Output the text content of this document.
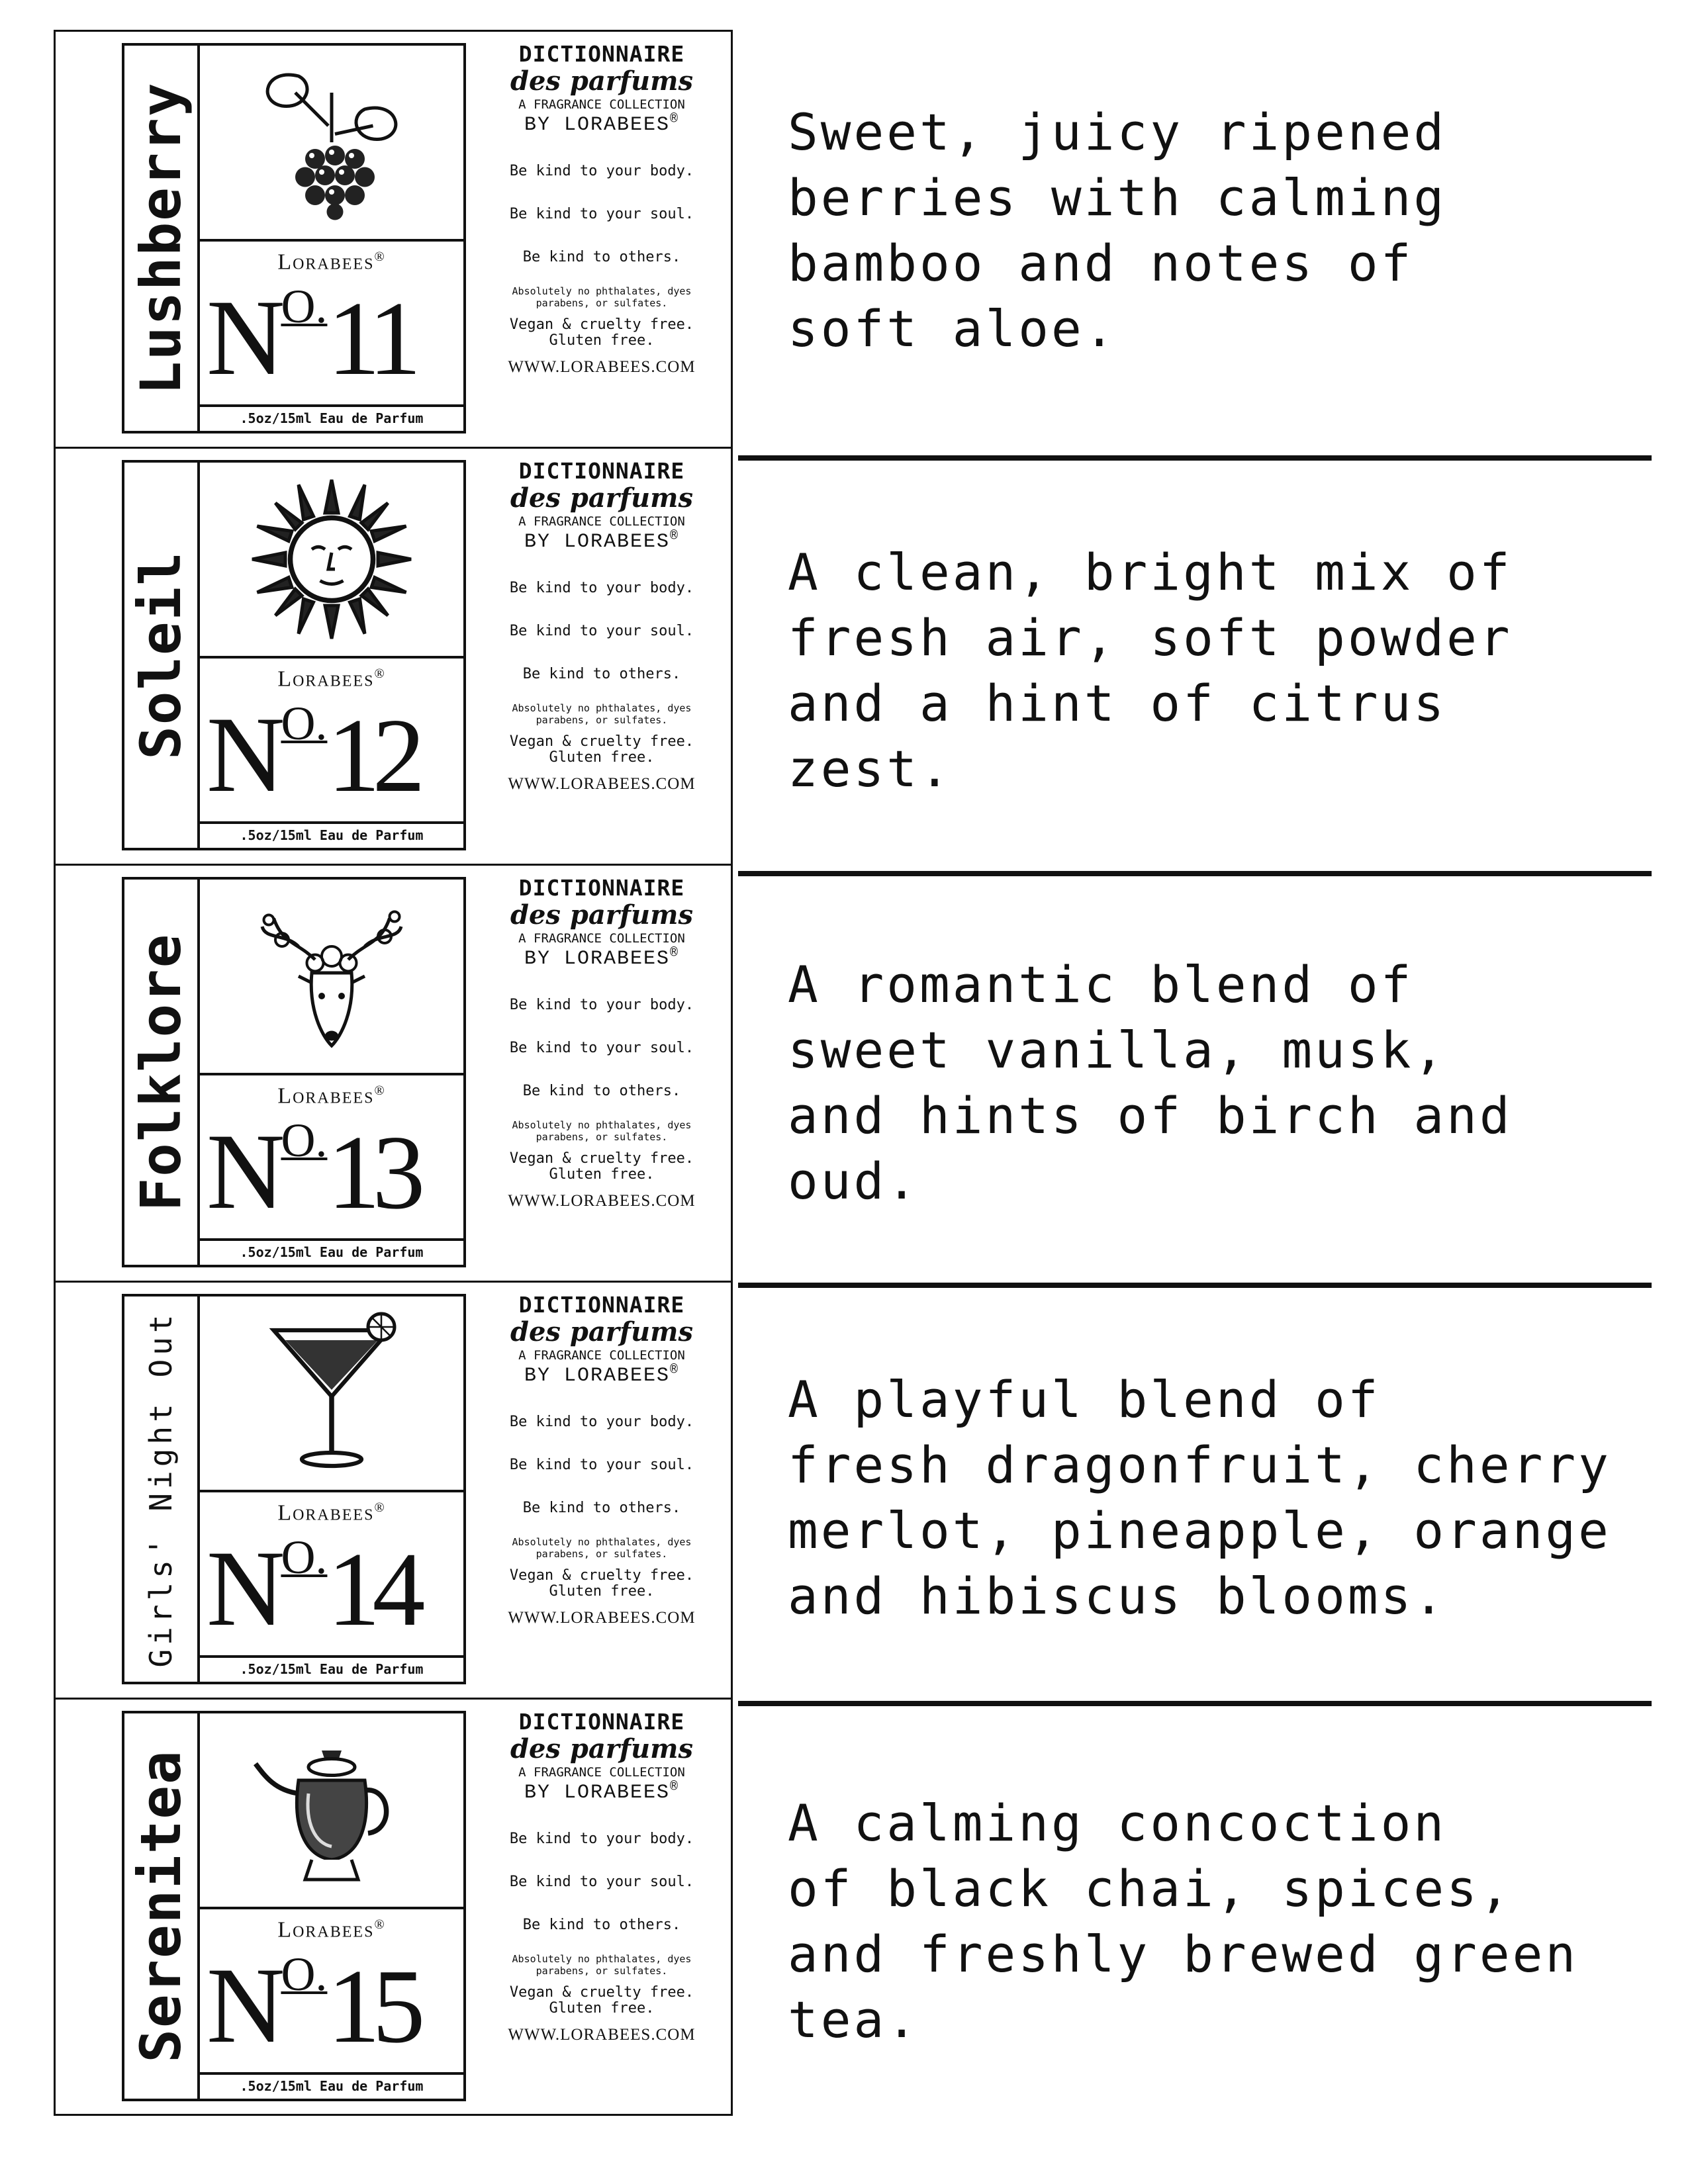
Lushberry	Lorabees®
NO.11
.5oz/15ml Eau de Parfum
DICTIONNAIRE
des parfums
A FRAGRANCE COLLECTION
BY LORABEES®
Be kind to your body.
Be kind to your soul.
Be kind to others.
Absolutely no phthalates, dyes
parabens, or sulfates.
Vegan & cruelty free.
Gluten free.
WWW.LORABEES.COM
Soleil	Lorabees®
NO.12
.5oz/15ml Eau de Parfum
DICTIONNAIRE
des parfums
A FRAGRANCE COLLECTION
BY LORABEES®
Be kind to your body.
Be kind to your soul.
Be kind to others.
Absolutely no phthalates, dyes
parabens, or sulfates.
Vegan & cruelty free.
Gluten free.
WWW.LORABEES.COM
Folklore	Lorabees®
NO.13
.5oz/15ml Eau de Parfum
DICTIONNAIRE
des parfums
A FRAGRANCE COLLECTION
BY LORABEES®
Be kind to your body.
Be kind to your soul.
Be kind to others.
Absolutely no phthalates, dyes
parabens, or sulfates.
Vegan & cruelty free.
Gluten free.
WWW.LORABEES.COM
Girls' Night Out	Lorabees®
NO.14
.5oz/15ml Eau de Parfum
DICTIONNAIRE
des parfums
A FRAGRANCE COLLECTION
BY LORABEES®
Be kind to your body.
Be kind to your soul.
Be kind to others.
Absolutely no phthalates, dyes
parabens, or sulfates.
Vegan & cruelty free.
Gluten free.
WWW.LORABEES.COM
Serenitea	Lorabees®
NO.15
.5oz/15ml Eau de Parfum
DICTIONNAIRE
des parfums
A FRAGRANCE COLLECTION
BY LORABEES®
Be kind to your body.
Be kind to your soul.
Be kind to others.
Absolutely no phthalates, dyes
parabens, or sulfates.
Vegan & cruelty free.
Gluten free.
WWW.LORABEES.COM
Sweet, juicy ripened
berries with calming
bamboo and notes of
soft aloe.
A clean, bright mix of
fresh air, soft powder
and a hint of citrus
zest.
A romantic blend of
sweet vanilla, musk,
and hints of birch and
oud.
A playful blend of
fresh dragonfruit, cherry
merlot, pineapple, orange
and hibiscus blooms.
A calming concoction
of black chai, spices,
and freshly brewed green
tea.
